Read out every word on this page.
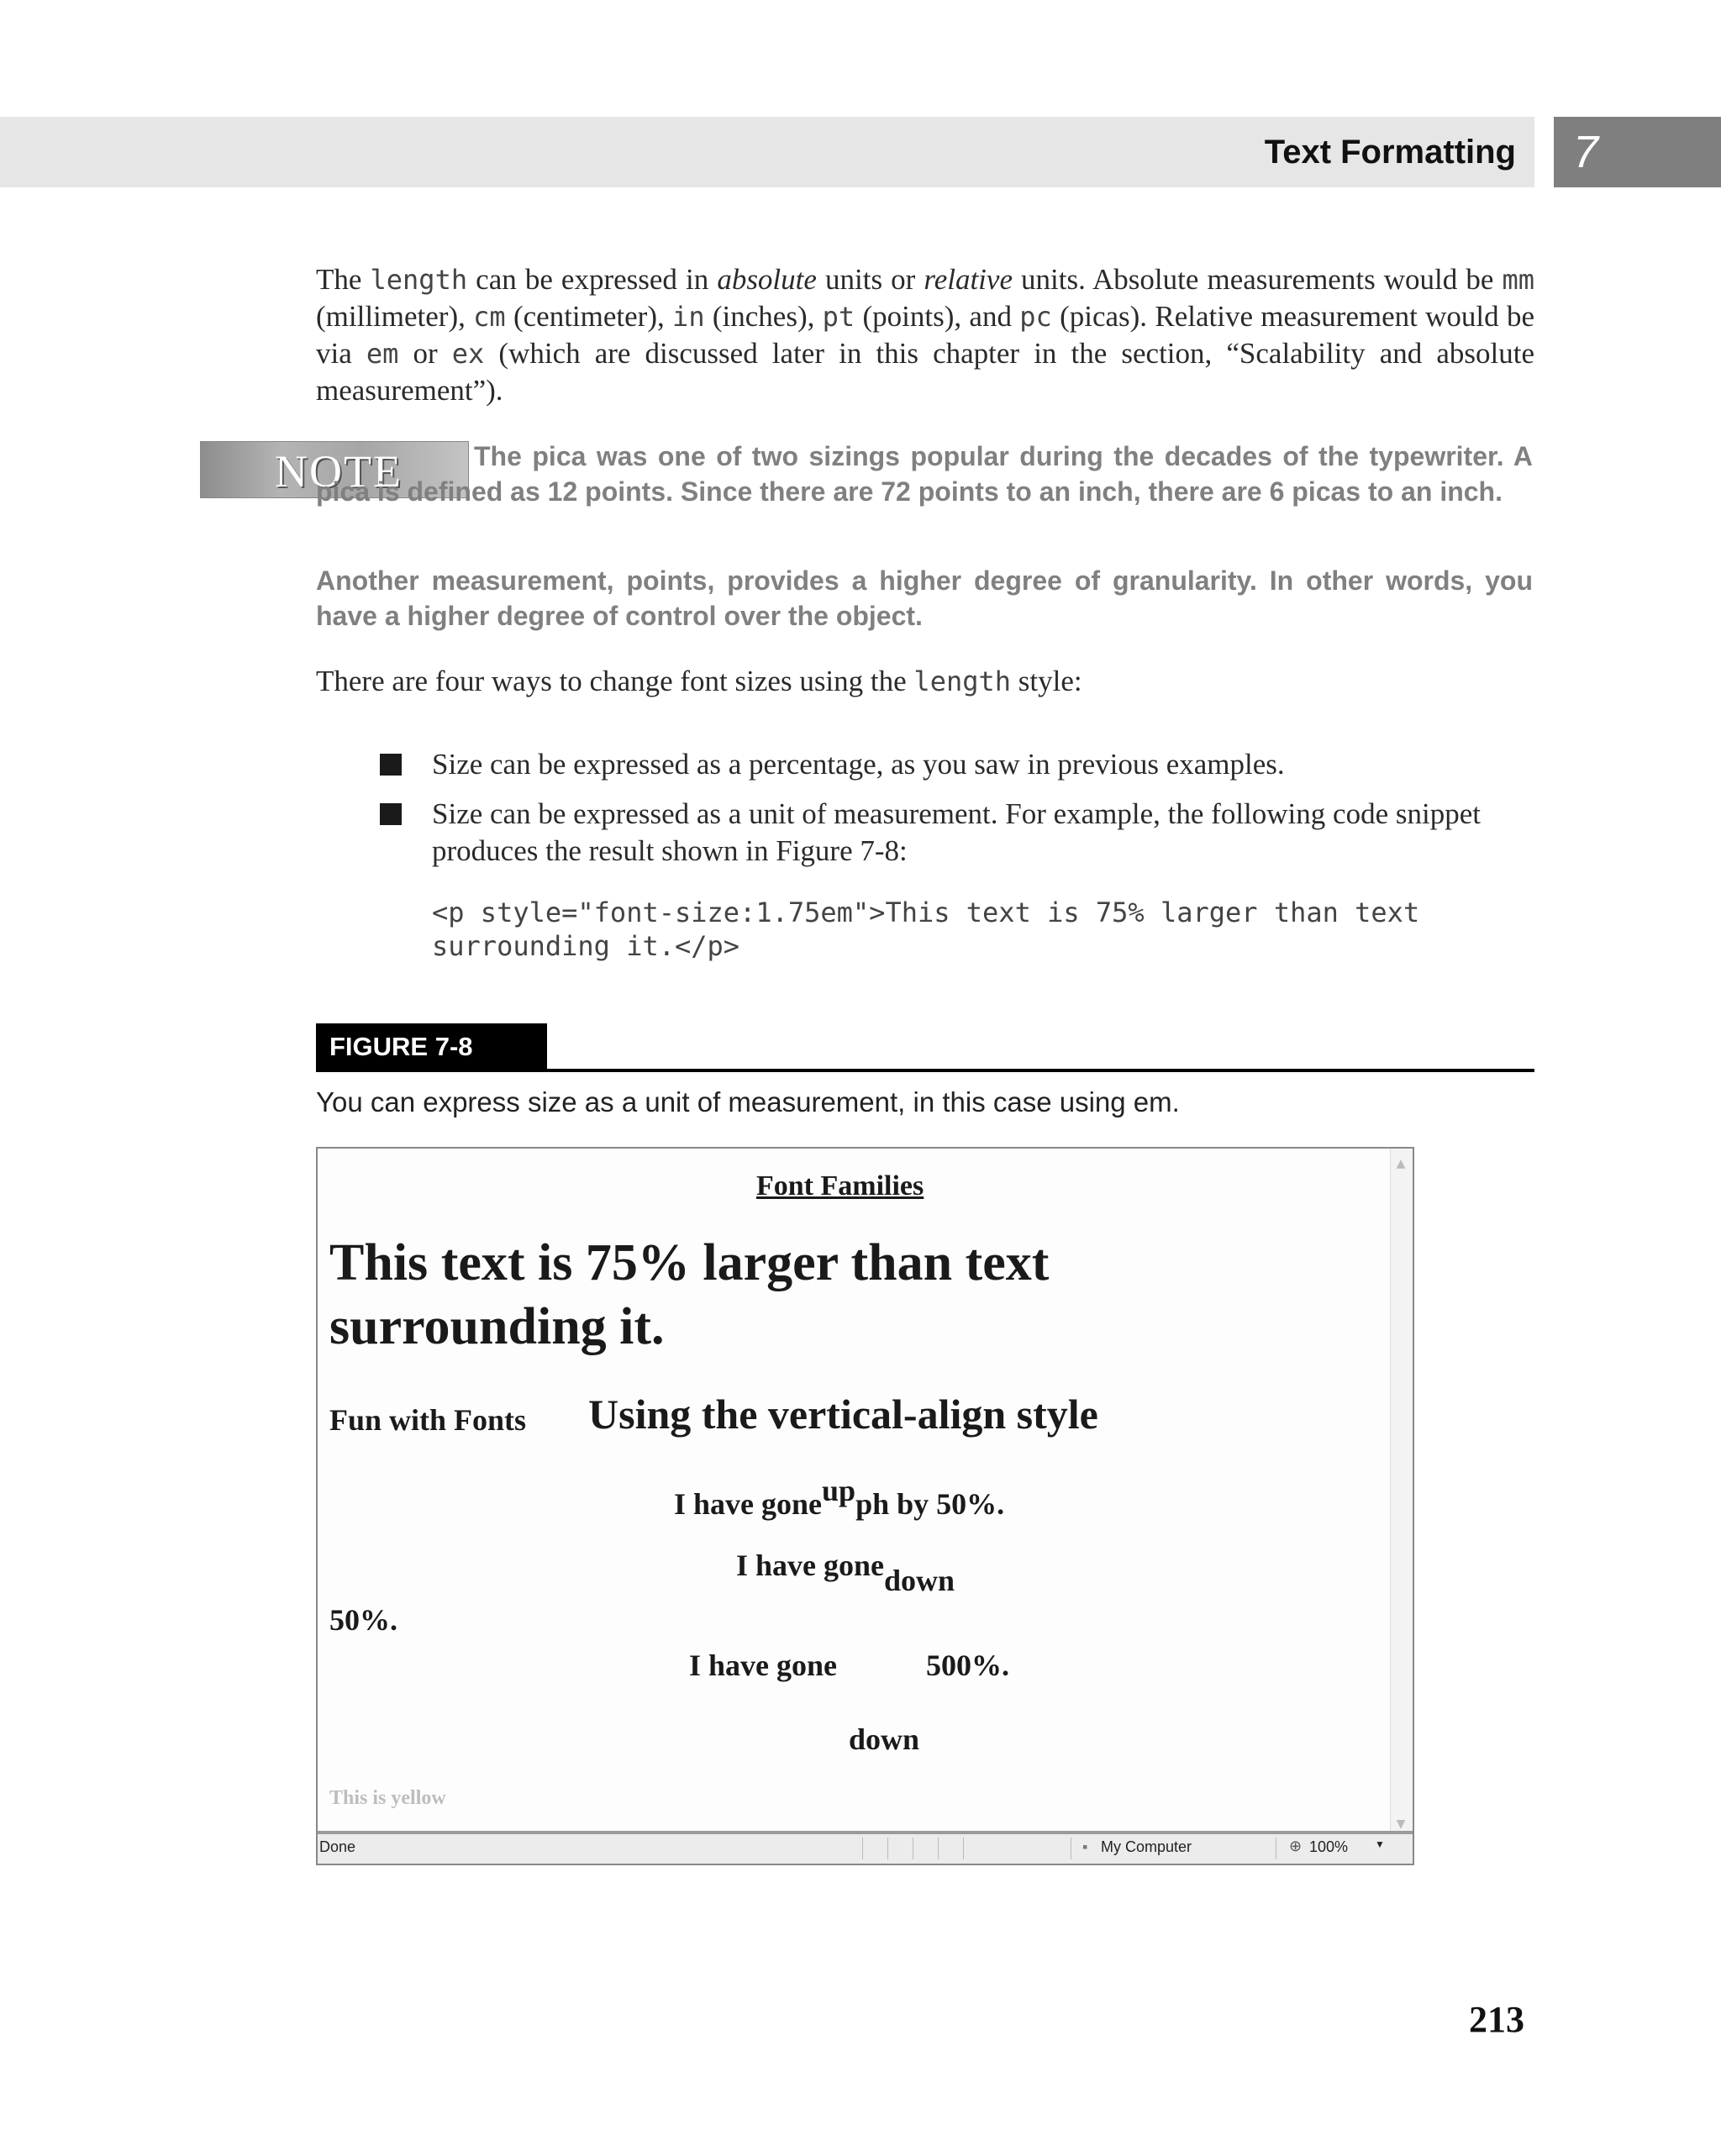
Text Formatting 7

The length can be expressed in absolute units or relative units. Absolute measurements would be mm (millimeter), cm (centimeter), in (inches), pt (points), and pc (picas). Relative measurement would be via em or ex (which are discussed later in this chapter in the section, “Scalability and absolute measurement”).

NOTE	The pica was one of two sizings popular during the decades of the typewriter. A pica is defined as 12 points. Since there are 72 points to an inch, there are 6 picas to an inch.
Another measurement, points, provides a higher degree of granularity. In other words, you have a higher degree of control over the object.

There are four ways to change font sizes using the length style:

Size can be expressed as a percentage, as you saw in previous examples.

Size can be expressed as a unit of measurement. For example, the following code snippet produces the result shown in Figure 7-8:

<p style="font-size:1.75em">This text is 75% larger than text
surrounding it.</p>
FIGURE 7-8
You can express size as a unit of measurement, in this case using em.
Font Families
This text is 75% larger than text
surrounding it.
Fun with Fonts Using the vertical-align style
I have goneupph by 50%.
I have gonedown
50%.
I have gone	500%.
down
This is yellow
▲
▼
Done	▪ My Computer	⊕ 100%	▼
213
